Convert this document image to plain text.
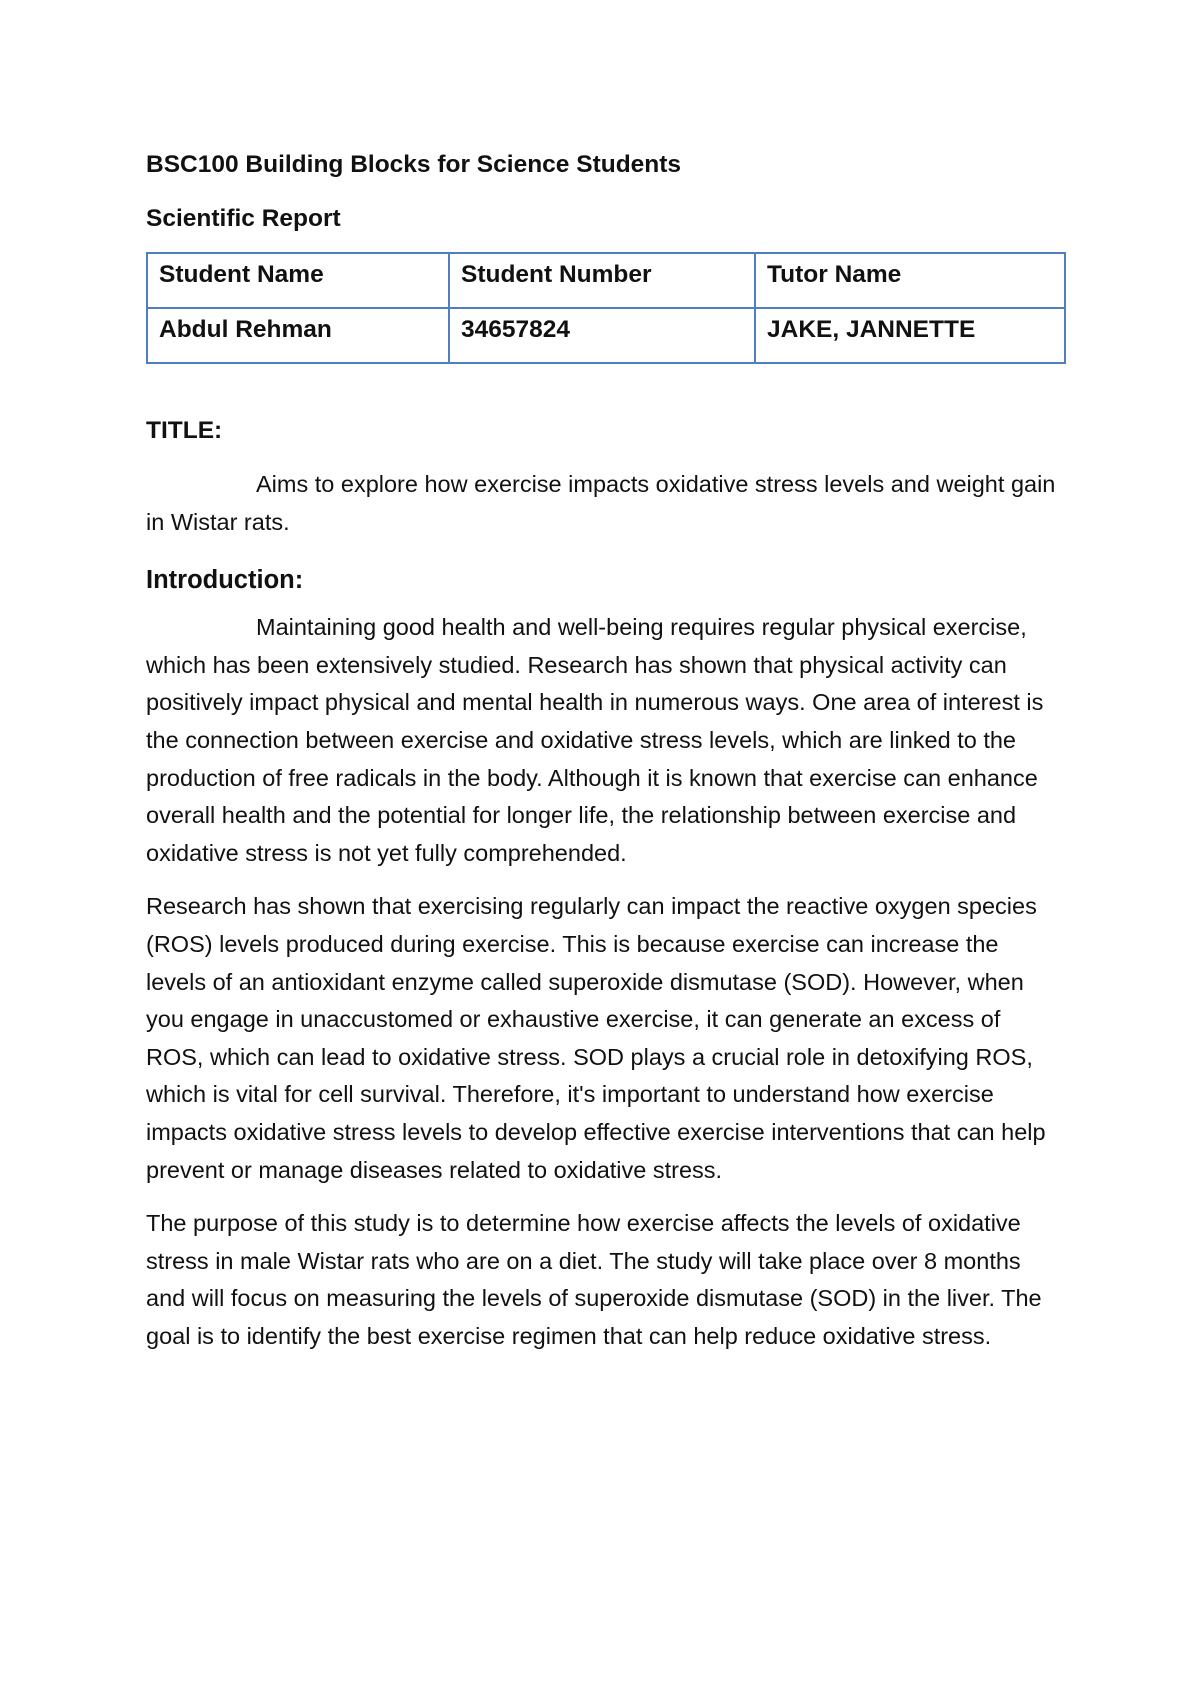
BSC100 Building Blocks for Science Students
Scientific Report
Student Name	Student Number	Tutor Name
Abdul Rehman	34657824	JAKE, JANNETTE
TITLE:

Aims to explore how exercise impacts oxidative stress levels and weight gain in Wistar rats.

Introduction:

Maintaining good health and well-being requires regular physical exercise, which has been extensively studied. Research has shown that physical activity can positively impact physical and mental health in numerous ways. One area of interest is the connection between exercise and oxidative stress levels, which are linked to the production of free radicals in the body. Although it is known that exercise can enhance overall health and the potential for longer life, the relationship between exercise and oxidative stress is not yet fully comprehended.

Research has shown that exercising regularly can impact the reactive oxygen species (ROS) levels produced during exercise. This is because exercise can increase the levels of an antioxidant enzyme called superoxide dismutase (SOD). However, when you engage in unaccustomed or exhaustive exercise, it can generate an excess of ROS, which can lead to oxidative stress. SOD plays a crucial role in detoxifying ROS, which is vital for cell survival. Therefore, it's important to understand how exercise impacts oxidative stress levels to develop effective exercise interventions that can help prevent or manage diseases related to oxidative stress.

The purpose of this study is to determine how exercise affects the levels of oxidative stress in male Wistar rats who are on a diet. The study will take place over 8 months and will focus on measuring the levels of superoxide dismutase (SOD) in the liver. The goal is to identify the best exercise regimen that can help reduce oxidative stress.
